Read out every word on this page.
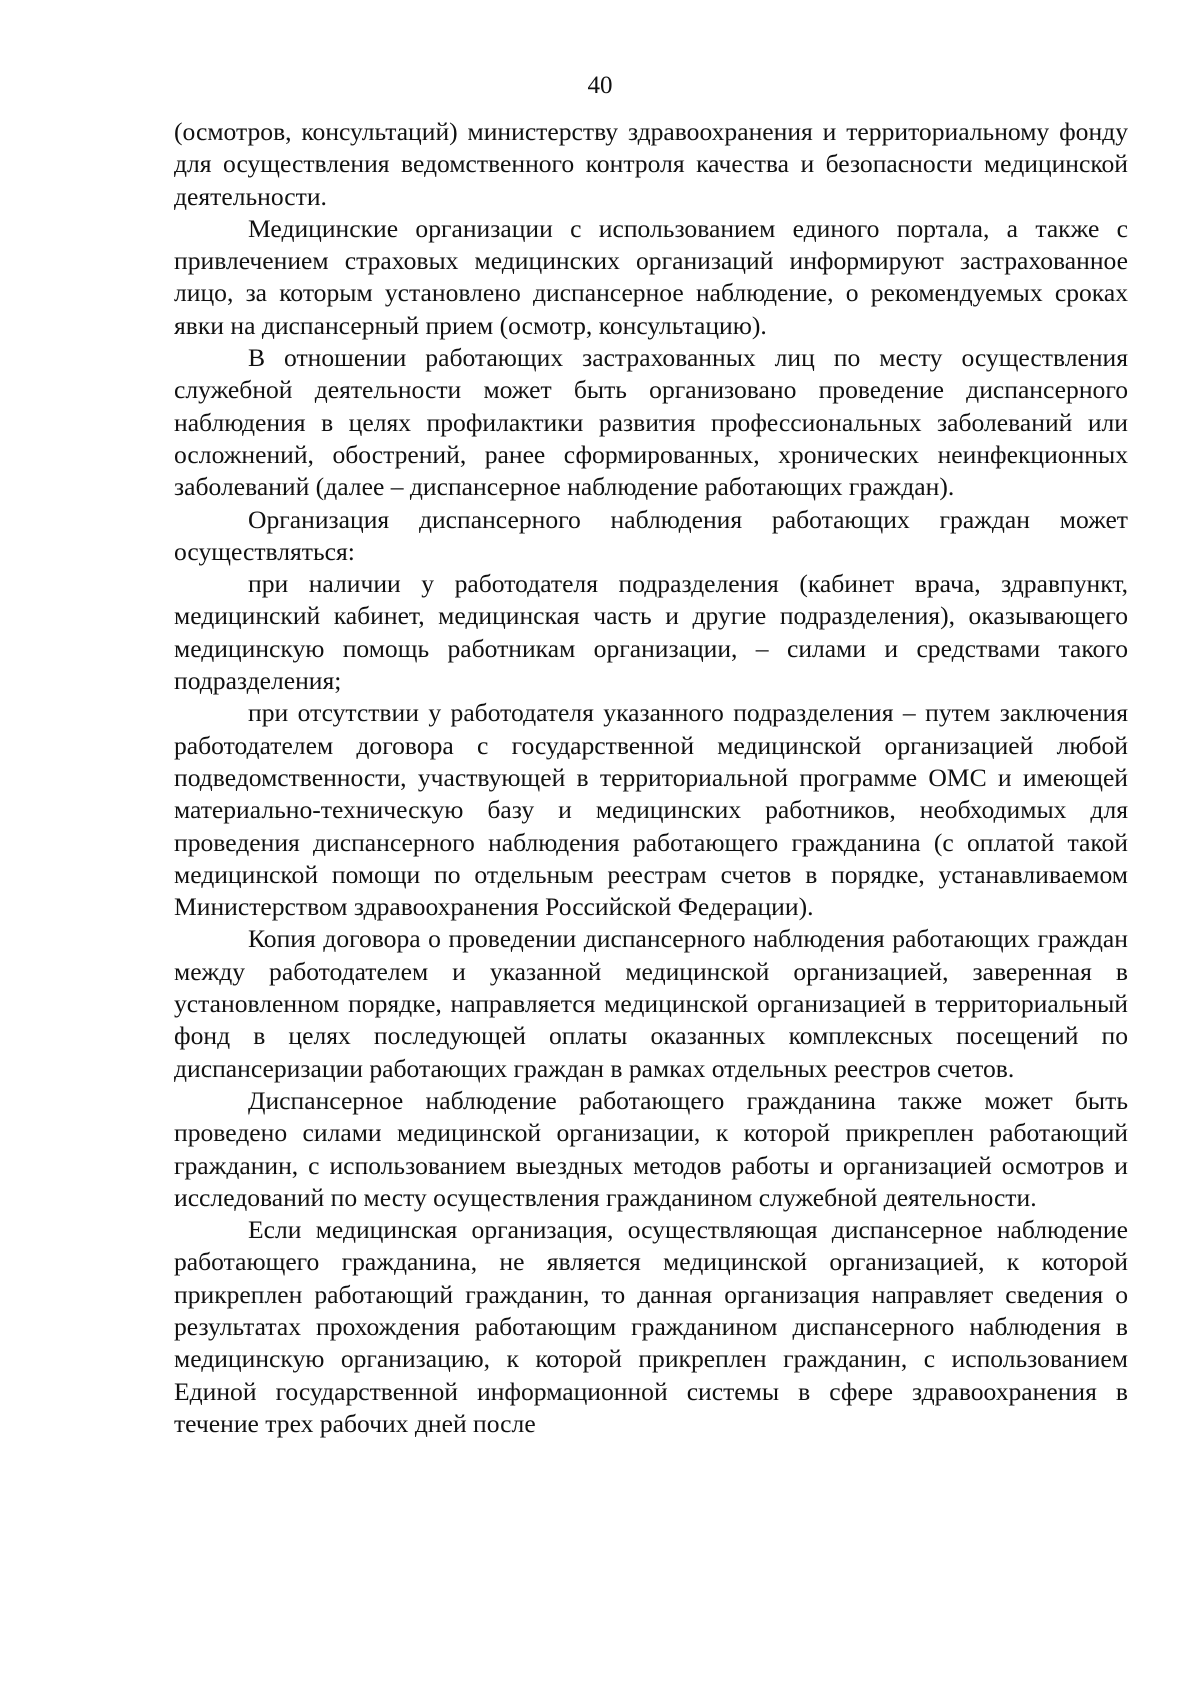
40

(осмотров, консультаций) министерству здравоохранения и территориальному фонду для осуществления ведомственного контроля качества и безопасности медицинской деятельности.

Медицинские организации с использованием единого портала, а также с привлечением страховых медицинских организаций информируют застрахованное лицо, за которым установлено диспансерное наблюдение, о рекомендуемых сроках явки на диспансерный прием (осмотр, консультацию).

В отношении работающих застрахованных лиц по месту осуществления служебной деятельности может быть организовано проведение диспансерного наблюдения в целях профилактики развития профессиональных заболеваний или осложнений, обострений, ранее сформированных, хронических неинфекционных заболеваний (далее – диспансерное наблюдение работающих граждан).

Организация диспансерного наблюдения работающих граждан может осуществляться:

при наличии у работодателя подразделения (кабинет врача, здравпункт, медицинский кабинет, медицинская часть и другие подразделения), оказывающего медицинскую помощь работникам организации, – силами и средствами такого подразделения;

при отсутствии у работодателя указанного подразделения – путем заключения работодателем договора с государственной медицинской организацией любой подведомственности, участвующей в территориальной программе ОМС и имеющей материально-техническую базу и медицинских работников, необходимых для проведения диспансерного наблюдения работающего гражданина (с оплатой такой медицинской помощи по отдельным реестрам счетов в порядке, устанавливаемом Министерством здравоохранения Российской Федерации).

Копия договора о проведении диспансерного наблюдения работающих граждан между работодателем и указанной медицинской организацией, заверенная в установленном порядке, направляется медицинской организацией в территориальный фонд в целях последующей оплаты оказанных комплексных посещений по диспансеризации работающих граждан в рамках отдельных реестров счетов.

Диспансерное наблюдение работающего гражданина также может быть проведено силами медицинской организации, к которой прикреплен работающий гражданин, с использованием выездных методов работы и организацией осмотров и исследований по месту осуществления гражданином служебной деятельности.

Если медицинская организация, осуществляющая диспансерное наблюдение работающего гражданина, не является медицинской организацией, к которой прикреплен работающий гражданин, то данная организация направляет сведения о результатах прохождения работающим гражданином диспансерного наблюдения в медицинскую организацию, к которой прикреплен гражданин, с использованием Единой государственной информационной системы в сфере здравоохранения в течение трех рабочих дней после
